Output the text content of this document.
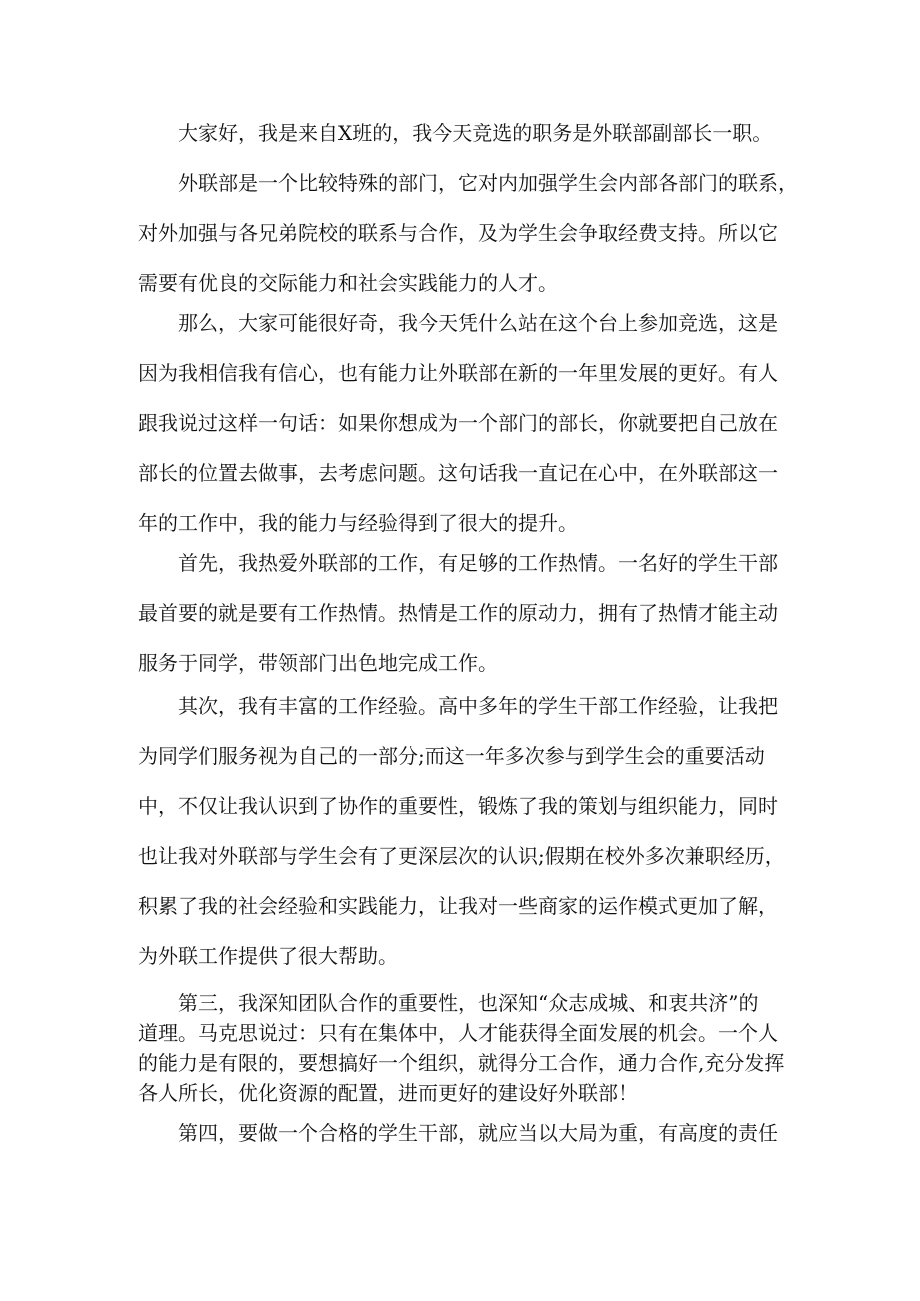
大家好，我是来自X班的，我今天竞选的职务是外联部副部长一职。

外联部是一个比较特殊的部门，它对内加强学生会内部各部门的联系，
对外加强与各兄弟院校的联系与合作，及为学生会争取经费支持。所以它
需要有优良的交际能力和社会实践能力的人才。

那么，大家可能很好奇，我今天凭什么站在这个台上参加竞选，这是
因为我相信我有信心，也有能力让外联部在新的一年里发展的更好。有人
跟我说过这样一句话：如果你想成为一个部门的部长，你就要把自己放在
部长的位置去做事，去考虑问题。这句话我一直记在心中，在外联部这一
年的工作中，我的能力与经验得到了很大的提升。

首先，我热爱外联部的工作，有足够的工作热情。一名好的学生干部
最首要的就是要有工作热情。热情是工作的原动力，拥有了热情才能主动
服务于同学，带领部门出色地完成工作。

其次，我有丰富的工作经验。高中多年的学生干部工作经验，让我把
为同学们服务视为自己的一部分;而这一年多次参与到学生会的重要活动
中，不仅让我认识到了协作的重要性，锻炼了我的策划与组织能力，同时
也让我对外联部与学生会有了更深层次的认识;假期在校外多次兼职经历，
积累了我的社会经验和实践能力，让我对一些商家的运作模式更加了解，
为外联工作提供了很大帮助。

第三，我深知团队合作的重要性，也深知“众志成城、和衷共济”的
道理。马克思说过：只有在集体中，人才能获得全面发展的机会。一个人
的能力是有限的，要想搞好一个组织，就得分工合作，通力合作,充分发挥
各人所长，优化资源的配置，进而更好的建设好外联部！

第四，要做一个合格的学生干部，就应当以大局为重，有高度的责任
